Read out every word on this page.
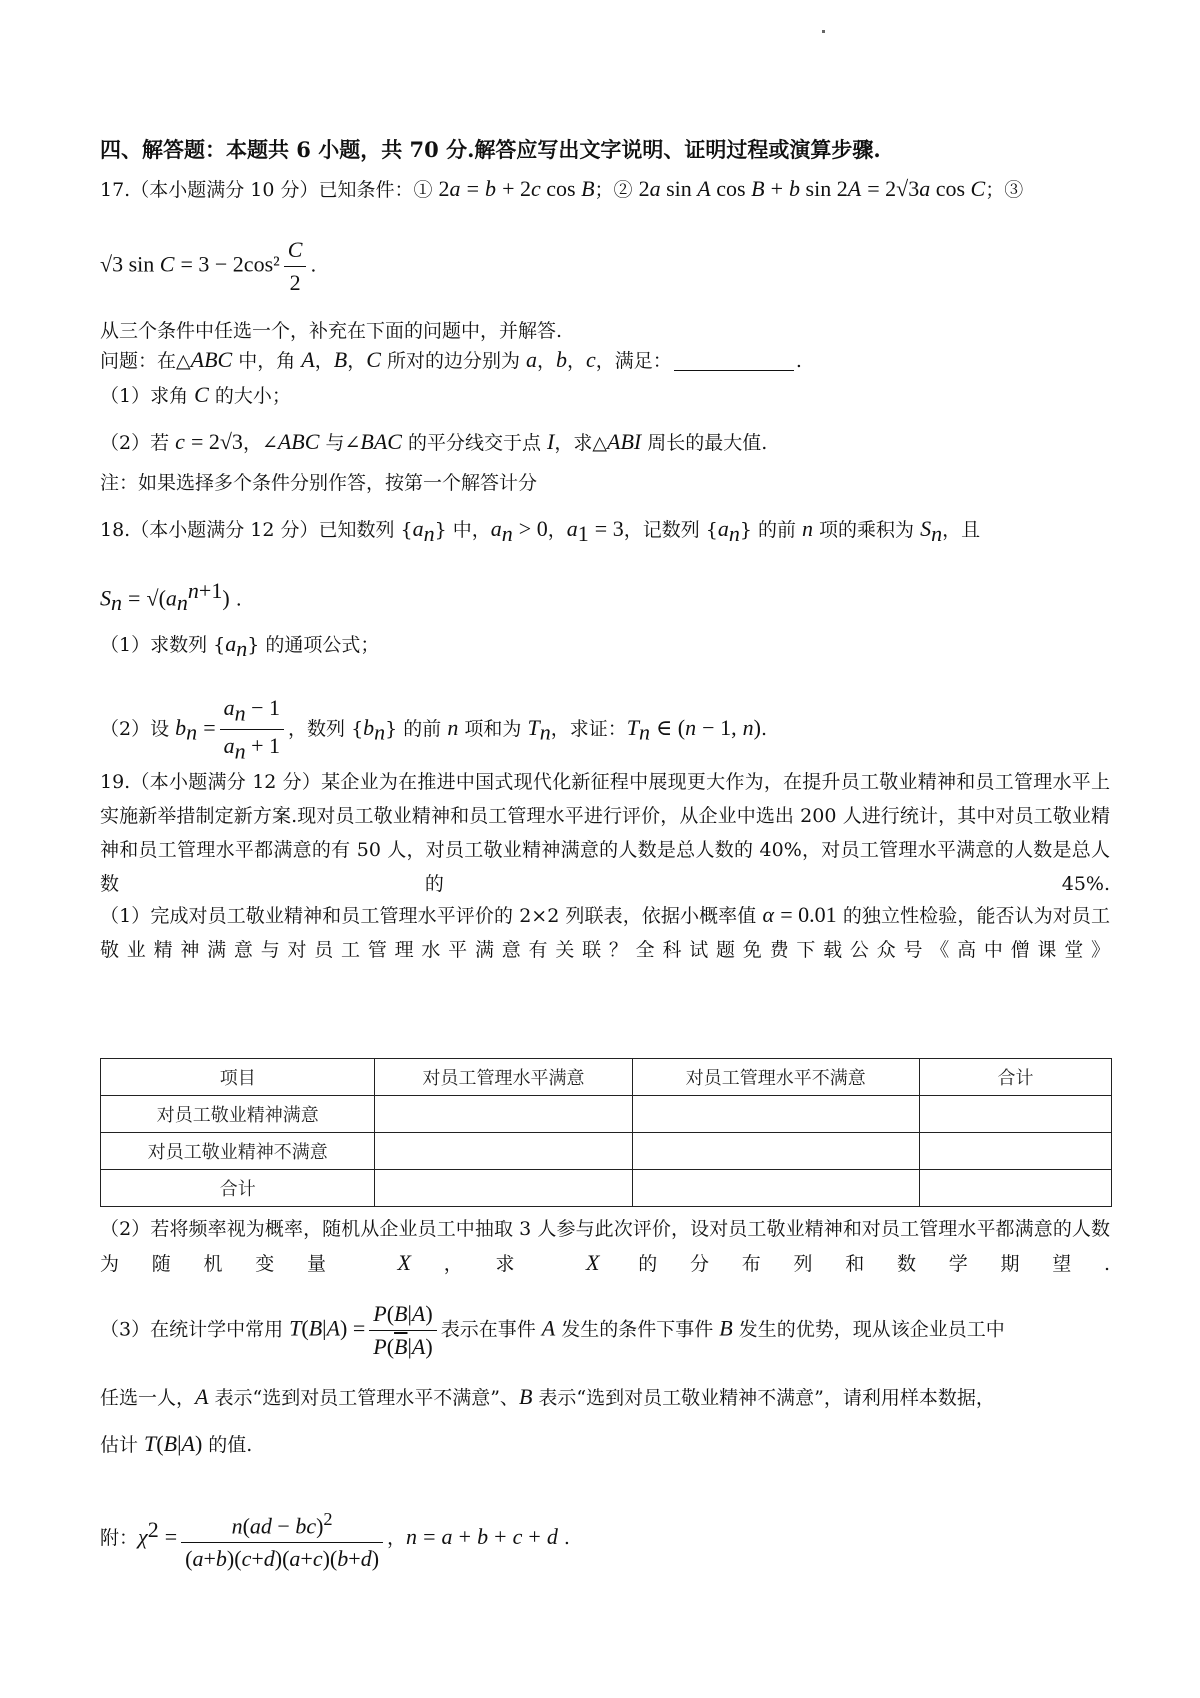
四、解答题：本题共 6 小题，共 70 分.解答应写出文字说明、证明过程或演算步骤.
17.（本小题满分 10 分）已知条件：① 2a = b + 2c cos B；② 2a sin A cos B + b sin 2A = 2√3a cos C；③
√3 $\sin C = 3 - 2\cos^2 \frac{C}{2}$ .
从三个条件中任选一个，补充在下面的问题中，并解答.
问题：在△ABC 中，角 A，B，C 所对的边分别为 a，b，c，满足：	.
（1）求角 C 的大小；
（2）若 c = 2√3，∠ABC 与∠BAC 的平分线交于点 I，求△ABI 周长的最大值.
注：如果选择多个条件分别作答，按第一个解答计分
18.（本小题满分 12 分）已知数列 $\{a_n\}$ 中，$a_n > 0$，$a_1 = 3$，记数列 $\{a_n\}$ 的前 n 项的乘积为 $S_n$，且
$S_n = √(a_n^{n+1})$ .
（1）求数列 $\{a_n\}$ 的通项公式；
（2）设 $b_n = \frac{a_n - 1}{a_n + 1}$ ，数列 $\{b_n\}$ 的前 n 项和为 $T_n$，求证：$T_n$ ∈ (n − 1, n).
19.（本小题满分 12 分）某企业为在推进中国式现代化新征程中展现更大作为，在提升员工敬业精神和员工管理水平上实施新举措制定新方案.现对员工敬业精神和员工管理水平进行评价，从企业中选出 200 人进行统计，其中对员工敬业精神和员工管理水平都满意的有 50 人，对员工敬业精神满意的人数是总人数的 40%，对员工管理水平满意的人数是总人数的 45%.
（1）完成对员工敬业精神和员工管理水平评价的 2×2 列联表，依据小概率值 α = 0.01 的独立性检验，能否认为对员工敬业精神满意与对员工管理水平满意有关联？全科试题免费下载公众号《高中僧课堂》
项目	对员工管理水平满意	对员工管理水平不满意	合计
对员工敬业精神满意			
对员工敬业精神不满意			
合计			
（2）若将频率视为概率，随机从企业员工中抽取 3 人参与此次评价，设对员工敬业精神和对员工管理水平都满意的人数为随机变量 X，求 X 的分布列和数学期望.
（3）在统计学中常用 $T(B|A) = \frac{P(B|A)}{P(\overline{B}|A)}$ 表示在事件 A 发生的条件下事件 B 发生的优势，现从该企业员工中
任选一人，A 表示“选到对员工管理水平不满意”、B 表示“选到对员工敬业精神不满意”，请利用样本数据，
估计 T(B|A) 的值.
附：$\chi^2 = \frac{n(ad - bc)^2}{(a+b)(c+d)(a+c)(b+d)}$ ，n = a + b + c + d .
